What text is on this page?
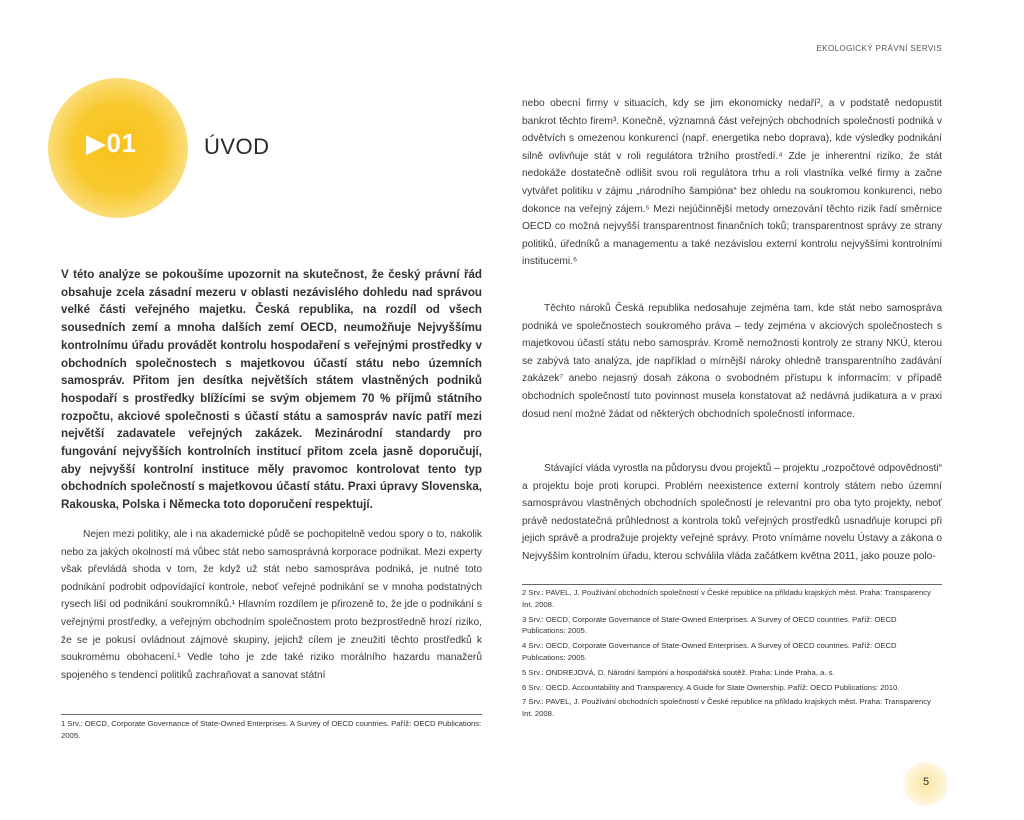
EKOLOGICKÝ PRÁVNÍ SERVIS
▶01	ÚVOD

V této analýze se pokoušíme upozornit na skutečnost, že český právní řád obsahuje zcela zásadní mezeru v oblasti nezávislého dohledu nad správou velké části veřejného majetku. Česká republika, na rozdíl od všech sousedních zemí a mnoha dalších zemí OECD, neumožňuje Nejvyššímu kontrolnímu úřadu provádět kontrolu hospodaření s veřejnými prostředky v obchodních společnostech s majetkovou účastí státu nebo územních samospráv. Přitom jen desítka největších státem vlastněných podniků hospodaří s prostředky blížícími se svým objemem 70 % příjmů státního rozpočtu, akciové společnosti s účastí státu a samospráv navíc patří mezi největší zadavatele veřejných zakázek. Mezinárodní standardy pro fungování nejvyšších kontrolních institucí přitom zcela jasně doporučují, aby nejvyšší kontrolní instituce měly pravomoc kontrolovat tento typ obchodních společností s majetkovou účastí státu. Praxi úpravy Slovenska, Rakouska, Polska i Německa toto doporučení respektují.

Nejen mezi politiky, ale i na akademické půdě se pochopitelně vedou spory o to, nakolik nebo za jakých okolností má vůbec stát nebo samosprávná korporace podnikat. Mezi experty však převládá shoda v tom, že když už stát nebo samospráva podniká, je nutné toto podnikání podrobit odpovídající kontrole, neboť veřejné podnikání se v mnoha podstatných rysech liší od podnikání soukromníků.¹ Hlavním rozdílem je přirozeně to, že jde o podnikání s veřejnými prostředky, a veřejným obchodním společnostem proto bezprostředně hrozí riziko, že se je pokusí ovládnout zájmové skupiny, jejichž cílem je zneužití těchto prostředků k soukromému obohacení.¹ Vedle toho je zde také riziko morálního hazardu manažerů spojeného s tendencí politiků zachraňovat a sanovat státní

1 Srv.: OECD, Corporate Governance of State-Owned Enterprises. A Survey of OECD countries. Paříž: OECD Publications: 2005.

nebo obecní firmy v situacích, kdy se jim ekonomicky nedaří², a v podstatě nedopustit bankrot těchto firem³. Konečně, významná část veřejných obchodních společností podniká v odvětvích s omezenou konkurencí (např. energetika nebo doprava), kde výsledky podnikání silně ovlivňuje stát v roli regulátora tržního prostředí.⁴ Zde je inherentní riziko, že stát nedokáže dostatečně odlišit svou roli regulátora trhu a roli vlastníka velké firmy a začne vytvářet politiku v zájmu „národního šampióna“ bez ohledu na soukromou konkurenci, nebo dokonce na veřejný zájem.⁵ Mezi nejúčinnější metody omezování těchto rizik řadí směrnice OECD co možná nejvyšší transparentnost finančních toků; transparentnost správy ze strany politiků, úředníků a managementu a také nezávislou externí kontrolu nejvyššími kontrolními institucemi.⁶

Těchto nároků Česká republika nedosahuje zejména tam, kde stát nebo samospráva podniká ve společnostech soukromého práva – tedy zejména v akciových společnostech s majetkovou účastí státu nebo samospráv. Kromě nemožnosti kontroly ze strany NKÚ, kterou se zabývá tato analýza, jde například o mírnější nároky ohledně transparentního zadávání zakázek⁷ anebo nejasný dosah zákona o svobodném přístupu k informacím: v případě obchodních společností tuto povinnost musela konstatovat až nedávná judikatura a v praxi dosud není možné žádat od některých obchodních společností informace.

Stávající vláda vyrostla na půdorysu dvou projektů – projektu „rozpočtové odpovědnosti“ a projektu boje proti korupci. Problém neexistence externí kontroly státem nebo územní samosprávou vlastněných obchodních společností je relevantní pro oba tyto projekty, neboť právě nedostatečná průhlednost a kontrola toků veřejných prostředků usnadňuje korupci při jejich správě a prodražuje projekty veřejné správy. Proto vnímáme novelu Ústavy a zákona o Nejvyšším kontrolním úřadu, kterou schválila vláda začátkem května 2011, jako pouze polo-

2 Srv.: PAVEL, J. Používání obchodních společností v České republice na příkladu krajských měst. Praha: Transparency Int. 2008.

3 Srv.: OECD, Corporate Governance of State-Owned Enterprises. A Survey of OECD countries. Paříž: OECD Publications: 2005.

4 Srv.: OECD, Corporate Governance of State-Owned Enterprises. A Survey of OECD countries. Paříž: OECD Publications: 2005.

5 Srv.: ONDREJOVÁ, D. Národní šampióni a hospodářská soutěž. Praha: Linde Praha, a. s.

6 Srv.: OECD. Accountability and Transparency. A Guide for State Ownership. Paříž: OECD Publications: 2010.

7 Srv.: PAVEL, J. Používání obchodních společností v České republice na příkladu krajských měst. Praha: Transparency Int. 2008.

5
